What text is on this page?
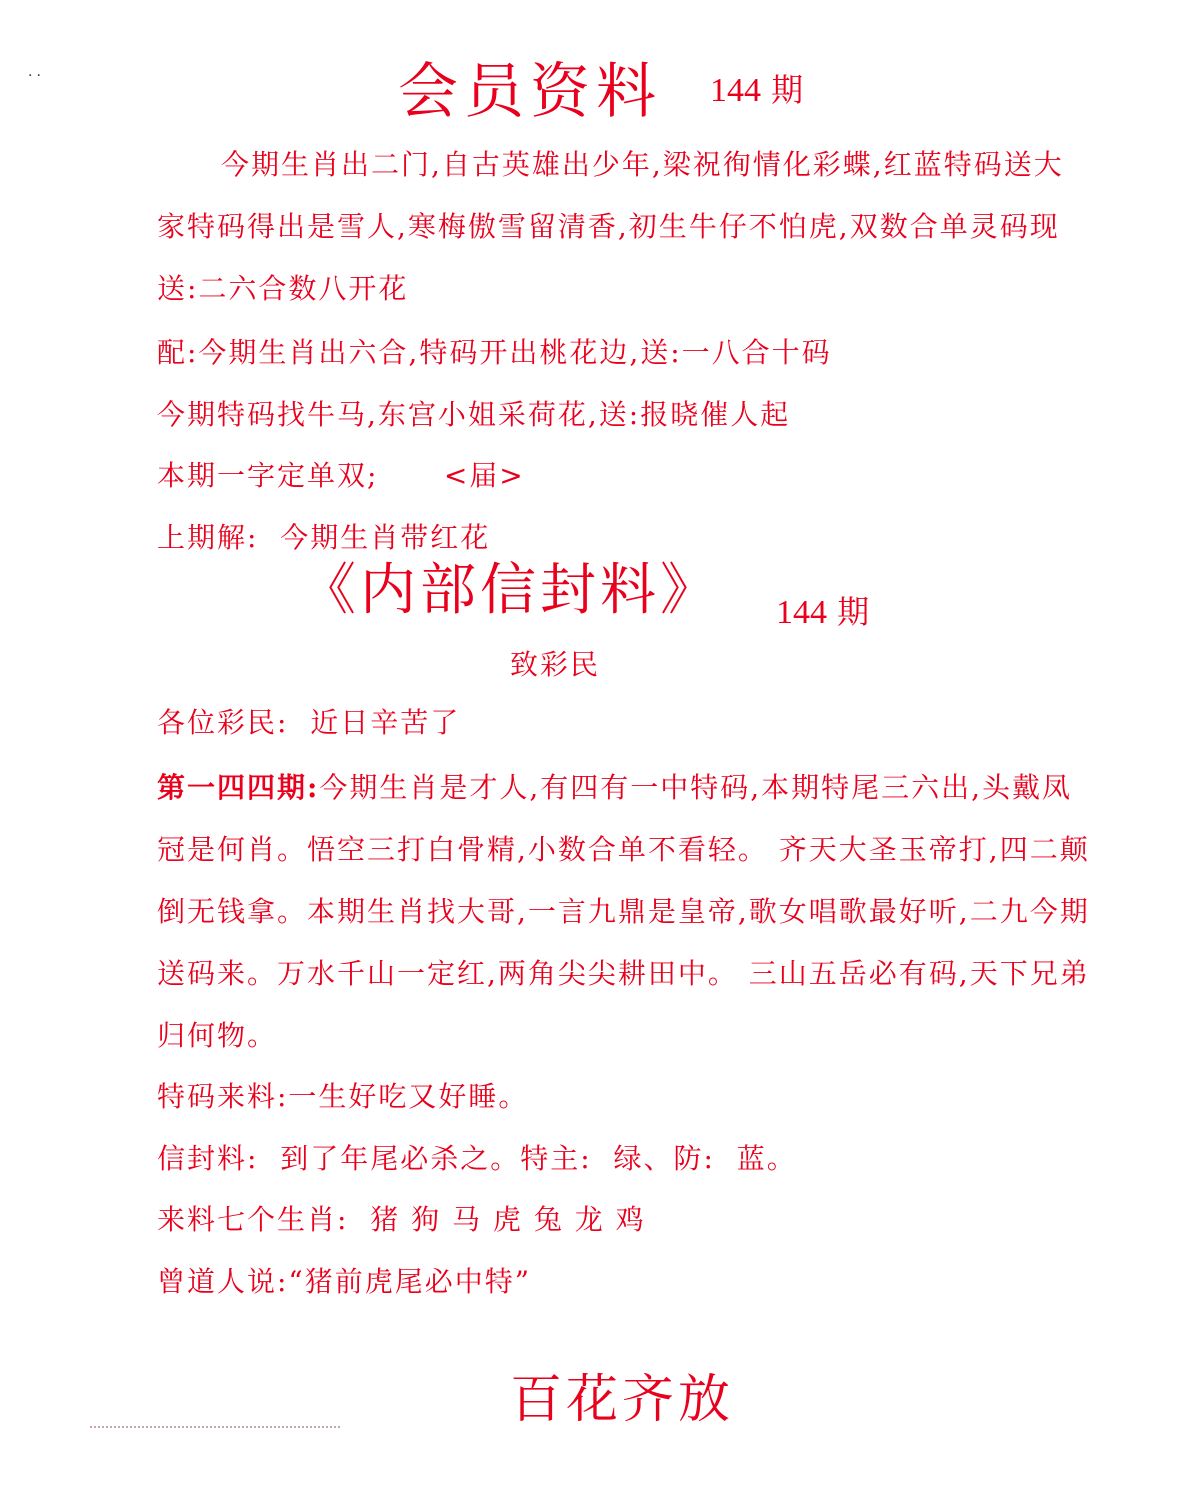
..	会员资料 144 期
今期生肖出二门,自古英雄出少年,梁祝徇情化彩蝶,红蓝特码送大家特码得出是雪人,寒梅傲雪留清香,初生牛仔不怕虎,双数合单灵码现送:二六合数八开花
配:今期生肖出六合,特码开出桃花边,送:一八合十码
今期特码找牛马,东宫小姐采荷花,送:报晓催人起
本期一字定单双;      <届>
上期解:  今期生肖带红花
《内部信封料》 144 期
致彩民
各位彩民:  近日辛苦了
第一四四期:今期生肖是才人,有四有一中特码,本期特尾三六出,头戴凤冠是何肖。悟空三打白骨精,小数合单不看轻。 齐天大圣玉帝打,四二颠倒无钱拿。本期生肖找大哥,一言九鼎是皇帝,歌女唱歌最好听,二九今期送码来。万水千山一定红,两角尖尖耕田中。 三山五岳必有码,天下兄弟归何物。
特码来料:一生好吃又好睡。
信封料:  到了年尾必杀之。特主:  绿、防:  蓝。
来料七个生肖:  猪 狗 马 虎 兔 龙 鸡
曾道人说:“猪前虎尾必中特”
百花齐放
